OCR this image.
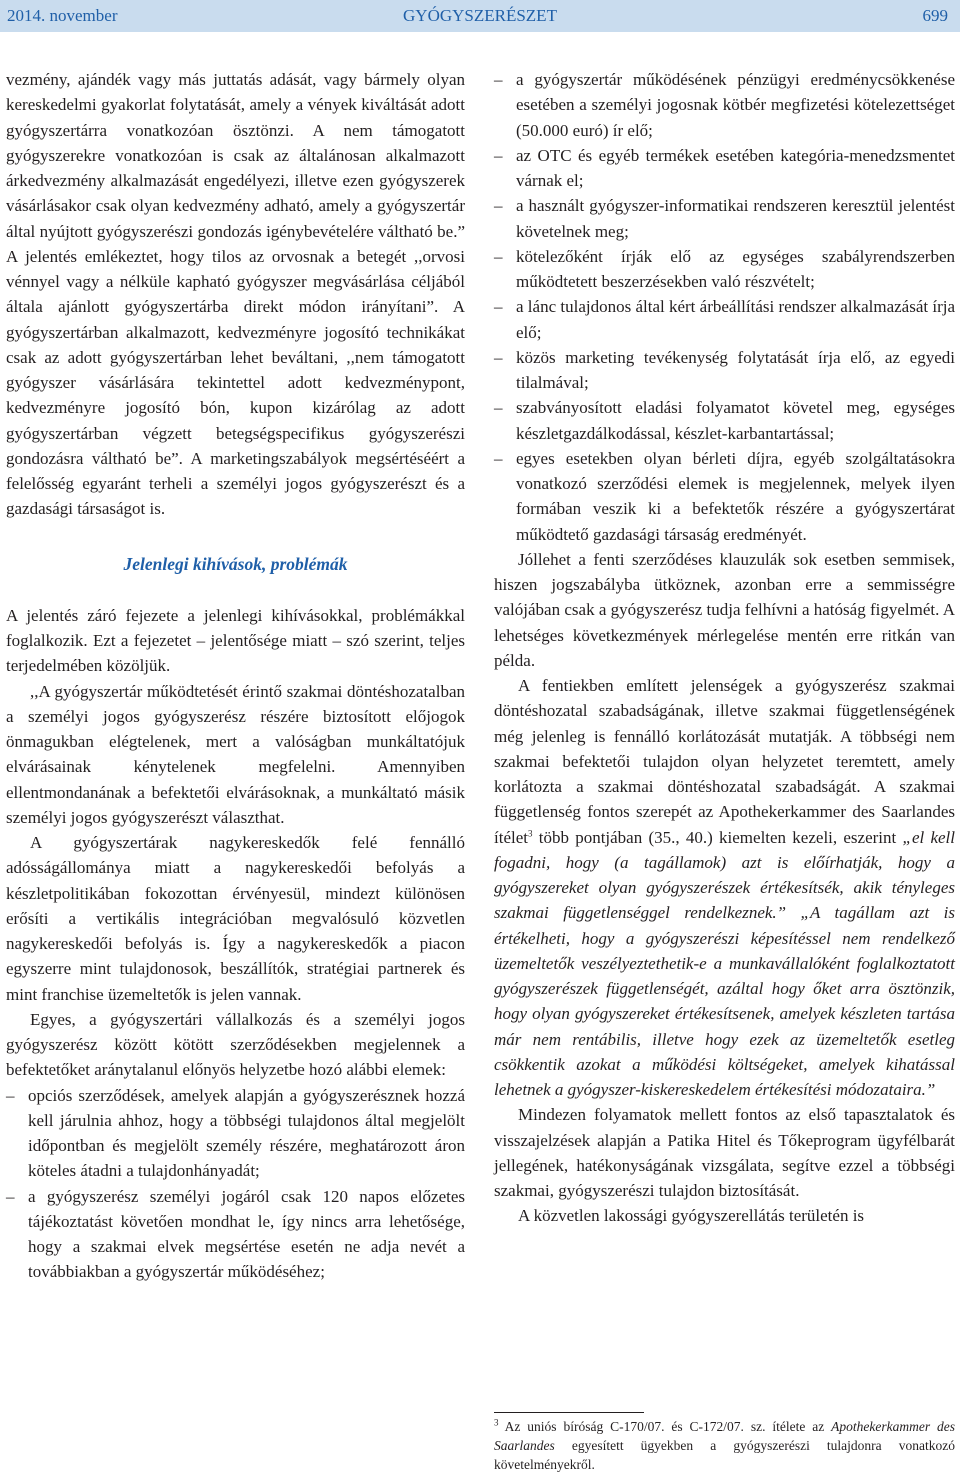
2014. november	GYÓGYSZERÉSZET	699

vezmény, ajándék vagy más juttatás adását, vagy bármely olyan kereskedelmi gyakorlat folytatását, amely a vények kiváltását adott gyógyszertárra vonatkozóan ösztönzi. A nem támogatott gyógyszerekre vonatkozóan is csak az általánosan alkalmazott árkedvezmény alkalmazását engedélyezi, illetve ezen gyógyszerek vásárlásakor csak olyan kedvezmény adható, amely a gyógyszertár által nyújtott gyógyszerészi gondozás igénybevételére váltható be.” A jelentés emlékeztet, hogy tilos az orvosnak a betegét ,,orvosi vénnyel vagy a nélküle kapható gyógyszer megvásárlása céljából általa ajánlott gyógyszertárba direkt módon irányítani”. A gyógyszertárban alkalmazott, kedvezményre jogosító technikákat csak az adott gyógyszertárban lehet beváltani, ,,nem támogatott gyógyszer vásárlására tekintettel adott kedvezménypont, kedvezményre jogosító bón, kupon kizárólag az adott gyógyszertárban végzett betegségspecifikus gyógyszerészi gondozásra váltható be”. A marketingszabályok megsértéséért a felelősség egyaránt terheli a személyi jogos gyógyszerészt és a gazdasági társaságot is.

Jelenlegi kihívások, problémák

A jelentés záró fejezete a jelenlegi kihívásokkal, problémákkal foglalkozik. Ezt a fejezetet – jelentősége miatt – szó szerint, teljes terjedelmében közöljük.

,,A gyógyszertár működtetését érintő szakmai döntéshozatalban a személyi jogos gyógyszerész részére biztosított előjogok önmagukban elégtelenek, mert a valóságban munkáltatójuk elvárásainak kénytelenek megfelelni. Amennyiben ellentmondanának a befektetői elvárásoknak, a munkáltató másik személyi jogos gyógyszerészt választhat.

A gyógyszertárak nagykereskedők felé fennálló adósságállománya miatt a nagykereskedői befolyás a készletpolitikában fokozottan érvényesül, mindezt különösen erősíti a vertikális integrációban megvalósuló közvetlen nagykereskedői befolyás is. Így a nagykereskedők a piacon egyszerre mint tulajdonosok, beszállítók, stratégiai partnerek és mint franchise üzemeltetők is jelen vannak.

Egyes, a gyógyszertári vállalkozás és a személyi jogos gyógyszerész között kötött szerződésekben megjelennek a befektetőket aránytalanul előnyös helyzetbe hozó alábbi elemek:

– opciós szerződések, amelyek alapján a gyógyszerésznek hozzá kell járulnia ahhoz, hogy a többségi tulajdonos által megjelölt időpontban és megjelölt személy részére, meghatározott áron köteles átadni a tulajdonhányadát;
– a gyógyszerész személyi jogáról csak 120 napos előzetes tájékoztatást követően mondhat le, így nincs arra lehetősége, hogy a szakmai elvek megsértése esetén ne adja nevét a továbbiakban a gyógyszertár működéséhez;
– a gyógyszertár működésének pénzügyi eredménycsökkenése esetében a személyi jogosnak kötbér megfizetési kötelezettséget (50.000 euró) ír elő;
– az OTC és egyéb termékek esetében kategória-menedzsmentet várnak el;
– a használt gyógyszer-informatikai rendszeren keresztül jelentést követelnek meg;
– kötelezőként írják elő az egységes szabályrendszerben működtetett beszerzésekben való részvételt;
– a lánc tulajdonos által kért árbeállítási rendszer alkalmazását írja elő;
– közös marketing tevékenység folytatását írja elő, az egyedi tilalmával;
– szabványosított eladási folyamatot követel meg, egységes készletgazdálkodással, készlet-karbantartással;
– egyes esetekben olyan bérleti díjra, egyéb szolgáltatásokra vonatkozó szerződési elemek is megjelennek, melyek ilyen formában veszik ki a befektetők részére a gyógyszertárat működtető gazdasági társaság eredményét.

Jóllehet a fenti szerződéses klauzulák sok esetben semmisek, hiszen jogszabályba ütköznek, azonban erre a semmisségre valójában csak a gyógyszerész tudja felhívni a hatóság figyelmét. A lehetséges következmények mérlegelése mentén erre ritkán van példa.

A fentiekben említett jelenségek a gyógyszerész szakmai döntéshozatal szabadságának, illetve szakmai függetlenségének még jelenleg is fennálló korlátozását mutatják. A többségi nem szakmai befektetői tulajdon olyan helyzetet teremtett, amely korlátozta a szakmai döntéshozatal szabadságát. A szakmai függetlenség fontos szerepét az Apothekerkammer des Saarlandes ítélet$^3$ több pontjában (35., 40.) kiemelten kezeli, eszerint „el kell fogadni, hogy (a tagállamok) azt is előírhatják, hogy a gyógyszereket olyan gyógyszerészek értékesítsék, akik tényleges szakmai függetlenséggel rendelkeznek.” „A tagállam azt is értékelheti, hogy a gyógyszerészi képesítéssel nem rendelkező üzemeltetők veszélyeztethetik-e a munkavállalóként foglalkoztatott gyógyszerészek függetlenségét, azáltal hogy őket arra ösztönzik, hogy olyan gyógyszereket értékesítsenek, amelyek készleten tartása már nem rentábilis, illetve hogy ezek az üzemeltetők esetleg csökkentik azokat a működési költségeket, amelyek kihatással lehetnek a gyógyszer-kiskereskedelem értékesítési módozataira.”

Mindezen folyamatok mellett fontos az első tapasztalatok és visszajelzések alapján a Patika Hitel és Tőkeprogram ügyfélbarát jellegének, hatékonyságának vizsgálata, segítve ezzel a többségi szakmai, gyógyszerészi tulajdon biztosítását.

A közvetlen lakossági gyógyszerellátás területén is

$^3$ Az uniós bíróság C-170/07. és C-172/07. sz. ítélete az Apothekerkammer des Saarlandes egyesített ügyekben a gyógyszerészi tulajdonra vonatkozó követelményekről.
